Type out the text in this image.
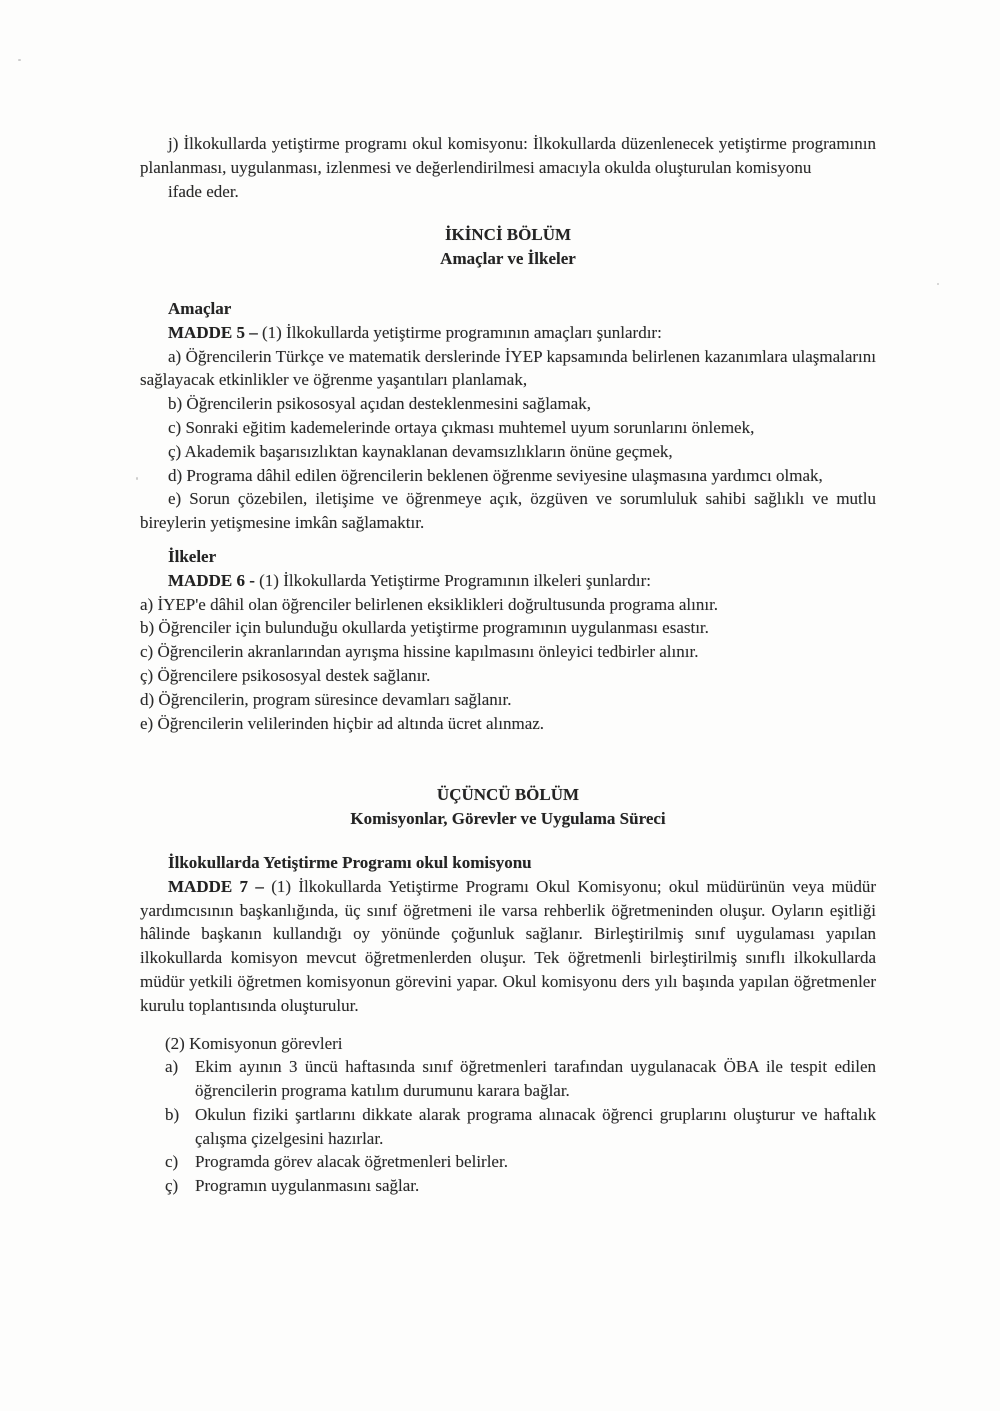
j) İlkokullarda yetiştirme programı okul komisyonu: İlkokullarda düzenlenecek yetiştirme programının planlanması, uygulanması, izlenmesi ve değerlendirilmesi amacıyla okulda oluşturulan komisyonu

ifade eder.

İKİNCİ BÖLÜM

Amaçlar ve İlkeler

Amaçlar

MADDE 5 – (1) İlkokullarda yetiştirme programının amaçları şunlardır:

a) Öğrencilerin Türkçe ve matematik derslerinde İYEP kapsamında belirlenen kazanımlara ulaşmalarını sağlayacak etkinlikler ve öğrenme yaşantıları planlamak,

b) Öğrencilerin psikososyal açıdan desteklenmesini sağlamak,

c) Sonraki eğitim kademelerinde ortaya çıkması muhtemel uyum sorunlarını önlemek,

ç) Akademik başarısızlıktan kaynaklanan devamsızlıkların önüne geçmek,

d) Programa dâhil edilen öğrencilerin beklenen öğrenme seviyesine ulaşmasına yardımcı olmak,

e) Sorun çözebilen, iletişime ve öğrenmeye açık, özgüven ve sorumluluk sahibi sağlıklı ve mutlu bireylerin yetişmesine imkân sağlamaktır.

İlkeler

MADDE 6 - (1) İlkokullarda Yetiştirme Programının ilkeleri şunlardır:

a) İYEP'e dâhil olan öğrenciler belirlenen eksiklikleri doğrultusunda programa alınır.

b) Öğrenciler için bulunduğu okullarda yetiştirme programının uygulanması esastır.

c) Öğrencilerin akranlarından ayrışma hissine kapılmasını önleyici tedbirler alınır.

ç) Öğrencilere psikososyal destek sağlanır.

d) Öğrencilerin, program süresince devamları sağlanır.

e) Öğrencilerin velilerinden hiçbir ad altında ücret alınmaz.

ÜÇÜNCÜ BÖLÜM

Komisyonlar, Görevler ve Uygulama Süreci

İlkokullarda Yetiştirme Programı okul komisyonu

MADDE 7 – (1) İlkokullarda Yetiştirme Programı Okul Komisyonu; okul müdürünün veya müdür yardımcısının başkanlığında, üç sınıf öğretmeni ile varsa rehberlik öğretmeninden oluşur. Oyların eşitliği hâlinde başkanın kullandığı oy yönünde çoğunluk sağlanır. Birleştirilmiş sınıf uygulaması yapılan ilkokullarda komisyon mevcut öğretmenlerden oluşur. Tek öğretmenli birleştirilmiş sınıflı ilkokullarda müdür yetkili öğretmen komisyonun görevini yapar. Okul komisyonu ders yılı başında yapılan öğretmenler kurulu toplantısında oluşturulur.

(2) Komisyonun görevleri

a) Ekim ayının 3 üncü haftasında sınıf öğretmenleri tarafından uygulanacak ÖBA ile tespit edilen öğrencilerin programa katılım durumunu karara bağlar.
b) Okulun fiziki şartlarını dikkate alarak programa alınacak öğrenci gruplarını oluşturur ve haftalık çalışma çizelgesini hazırlar.
c) Programda görev alacak öğretmenleri belirler.
ç) Programın uygulanmasını sağlar.
